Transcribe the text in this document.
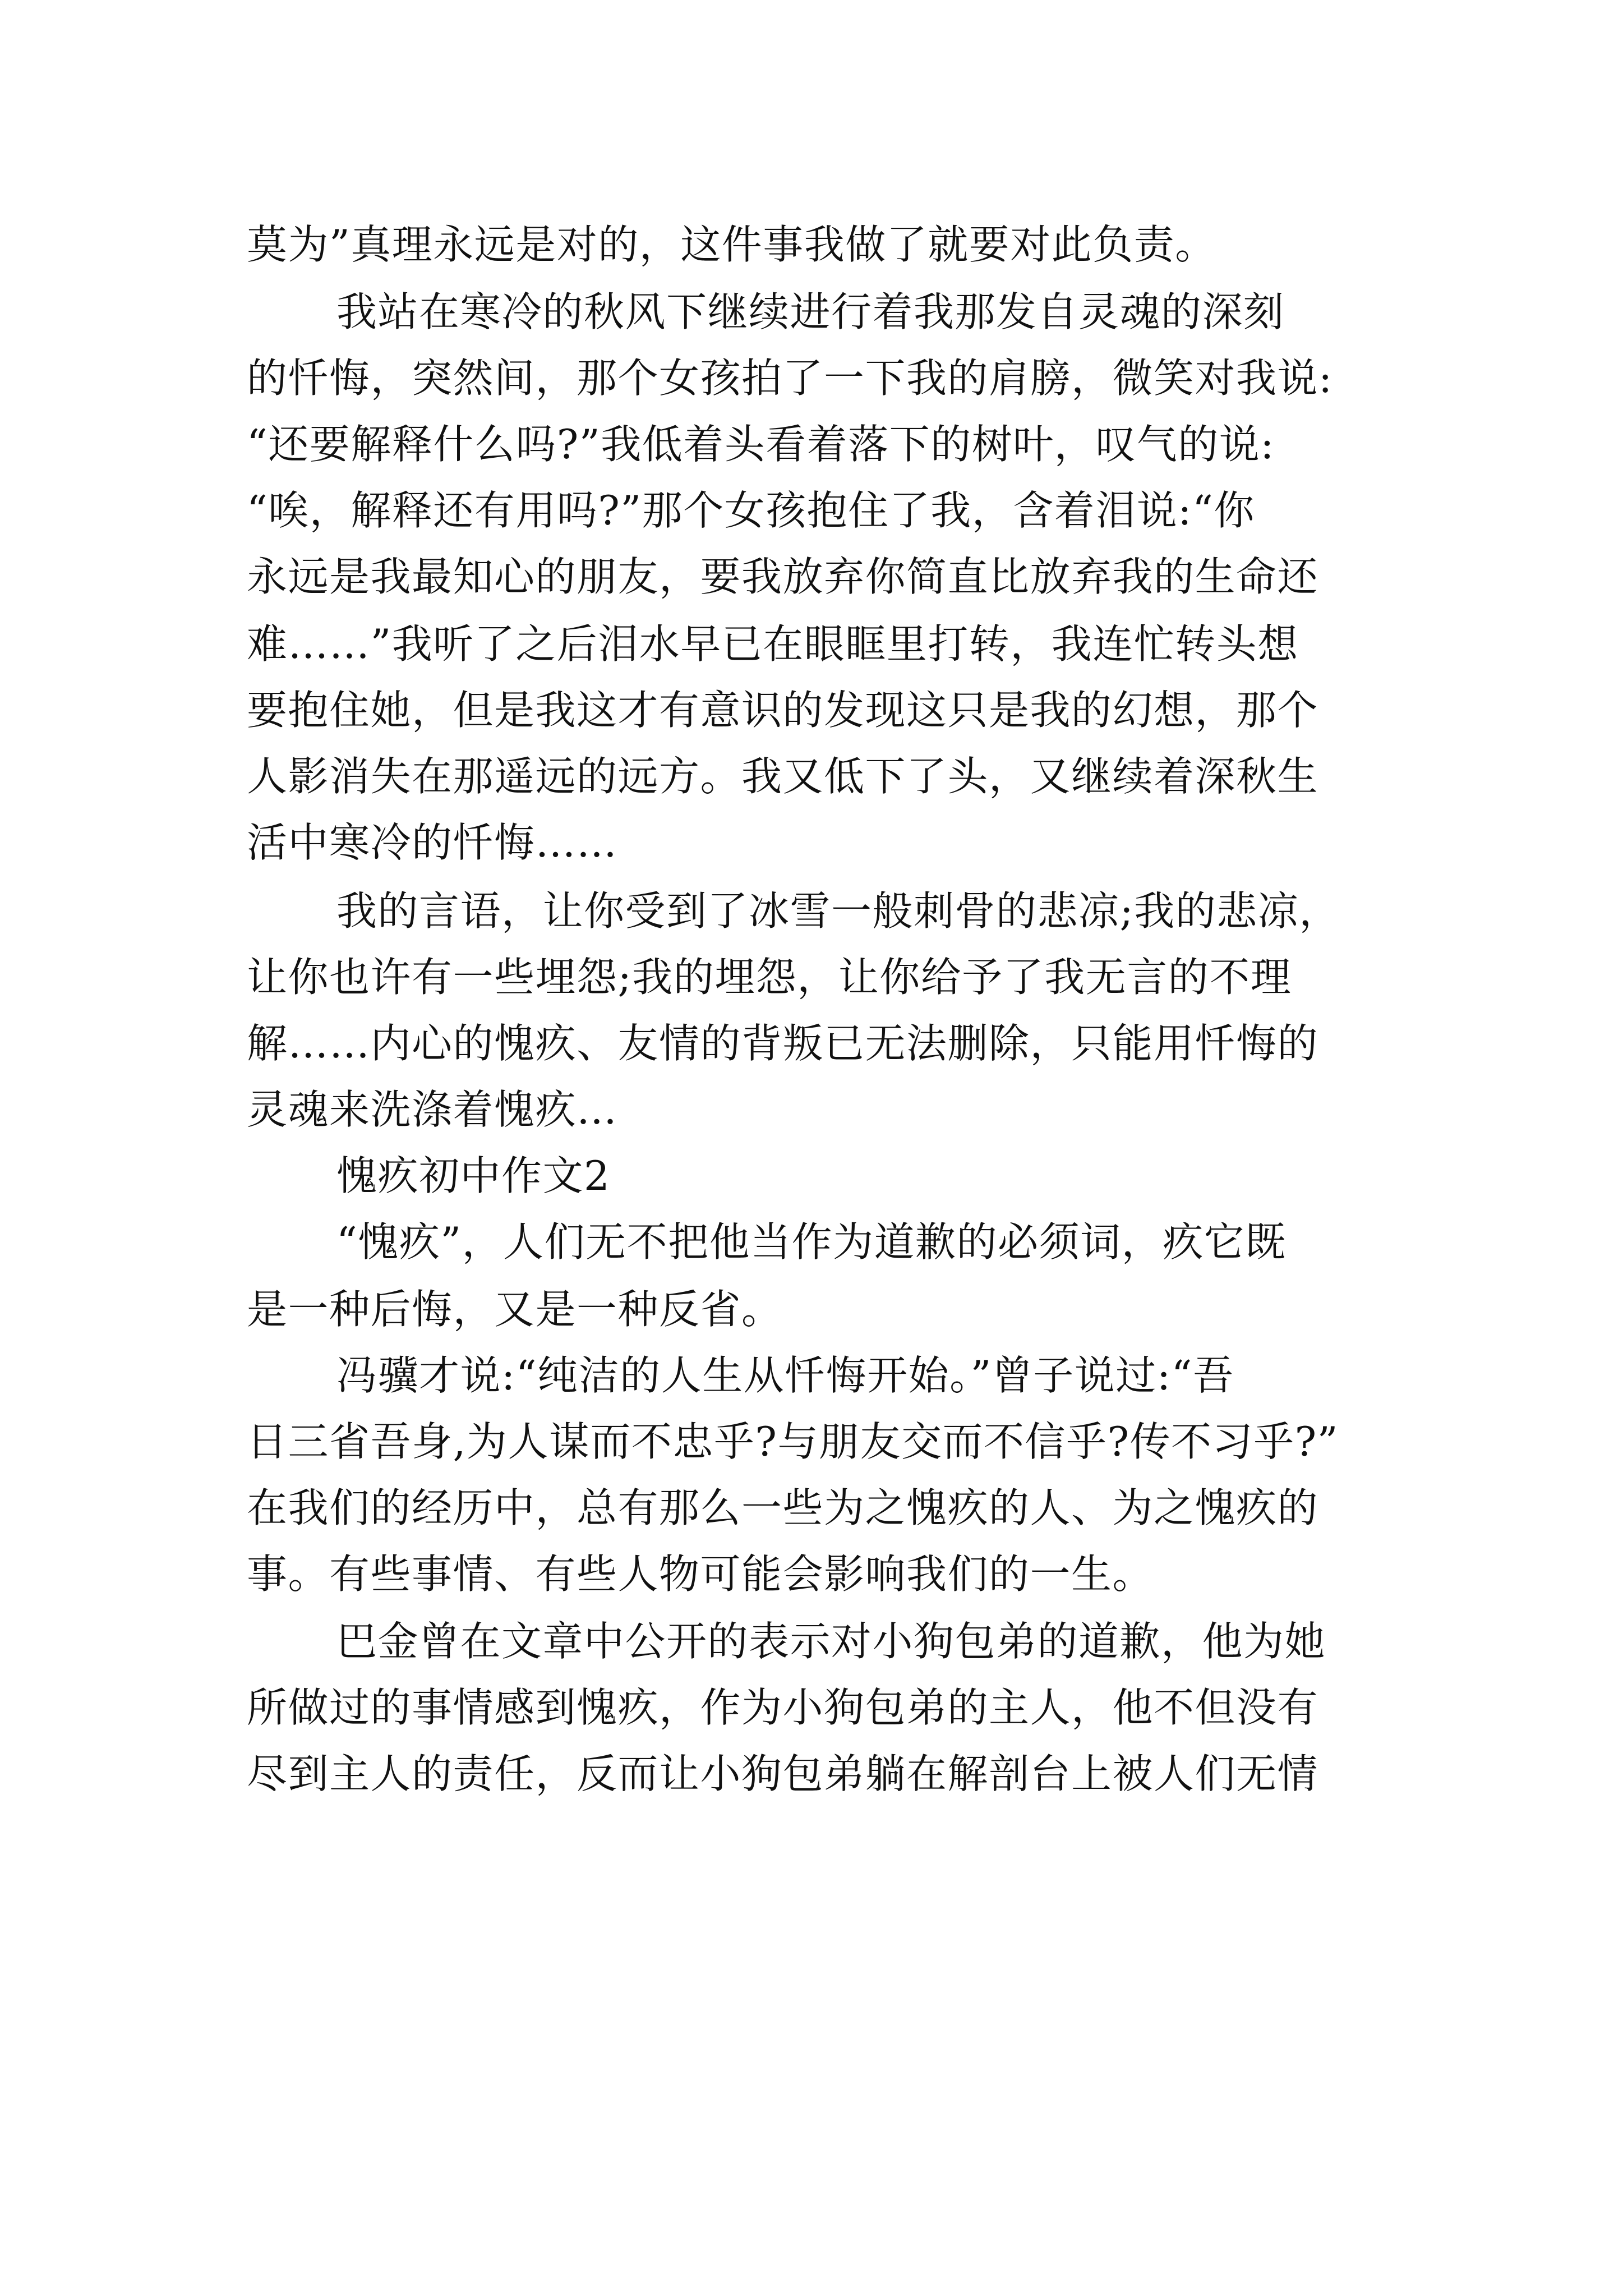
莫为”真理永远是对的，这件事我做了就要对此负责。
我站在寒冷的秋风下继续进行着我那发自灵魂的深刻
的忏悔，突然间，那个女孩拍了一下我的肩膀，微笑对我说:
“还要解释什么吗?”我低着头看着落下的树叶，叹气的说:
“唉，解释还有用吗?”那个女孩抱住了我，含着泪说:“你
永远是我最知心的朋友，要我放弃你简直比放弃我的生命还
难……”我听了之后泪水早已在眼眶里打转，我连忙转头想
要抱住她，但是我这才有意识的发现这只是我的幻想，那个
人影消失在那遥远的远方。我又低下了头，又继续着深秋生
活中寒冷的忏悔……
我的言语，让你受到了冰雪一般刺骨的悲凉;我的悲凉，
让你也许有一些埋怨;我的埋怨，让你给予了我无言的不理
解……内心的愧疚、友情的背叛已无法删除，只能用忏悔的
灵魂来洗涤着愧疚…
愧疚初中作文2
“愧疚”，人们无不把他当作为道歉的必须词，疚它既
是一种后悔，又是一种反省。
冯骥才说:“纯洁的人生从忏悔开始。”曾子说过:“吾
日三省吾身,为人谋而不忠乎?与朋友交而不信乎?传不习乎?”
在我们的经历中，总有那么一些为之愧疚的人、为之愧疚的
事。有些事情、有些人物可能会影响我们的一生。
巴金曾在文章中公开的表示对小狗包弟的道歉，他为她
所做过的事情感到愧疚，作为小狗包弟的主人，他不但没有
尽到主人的责任，反而让小狗包弟躺在解剖台上被人们无情
